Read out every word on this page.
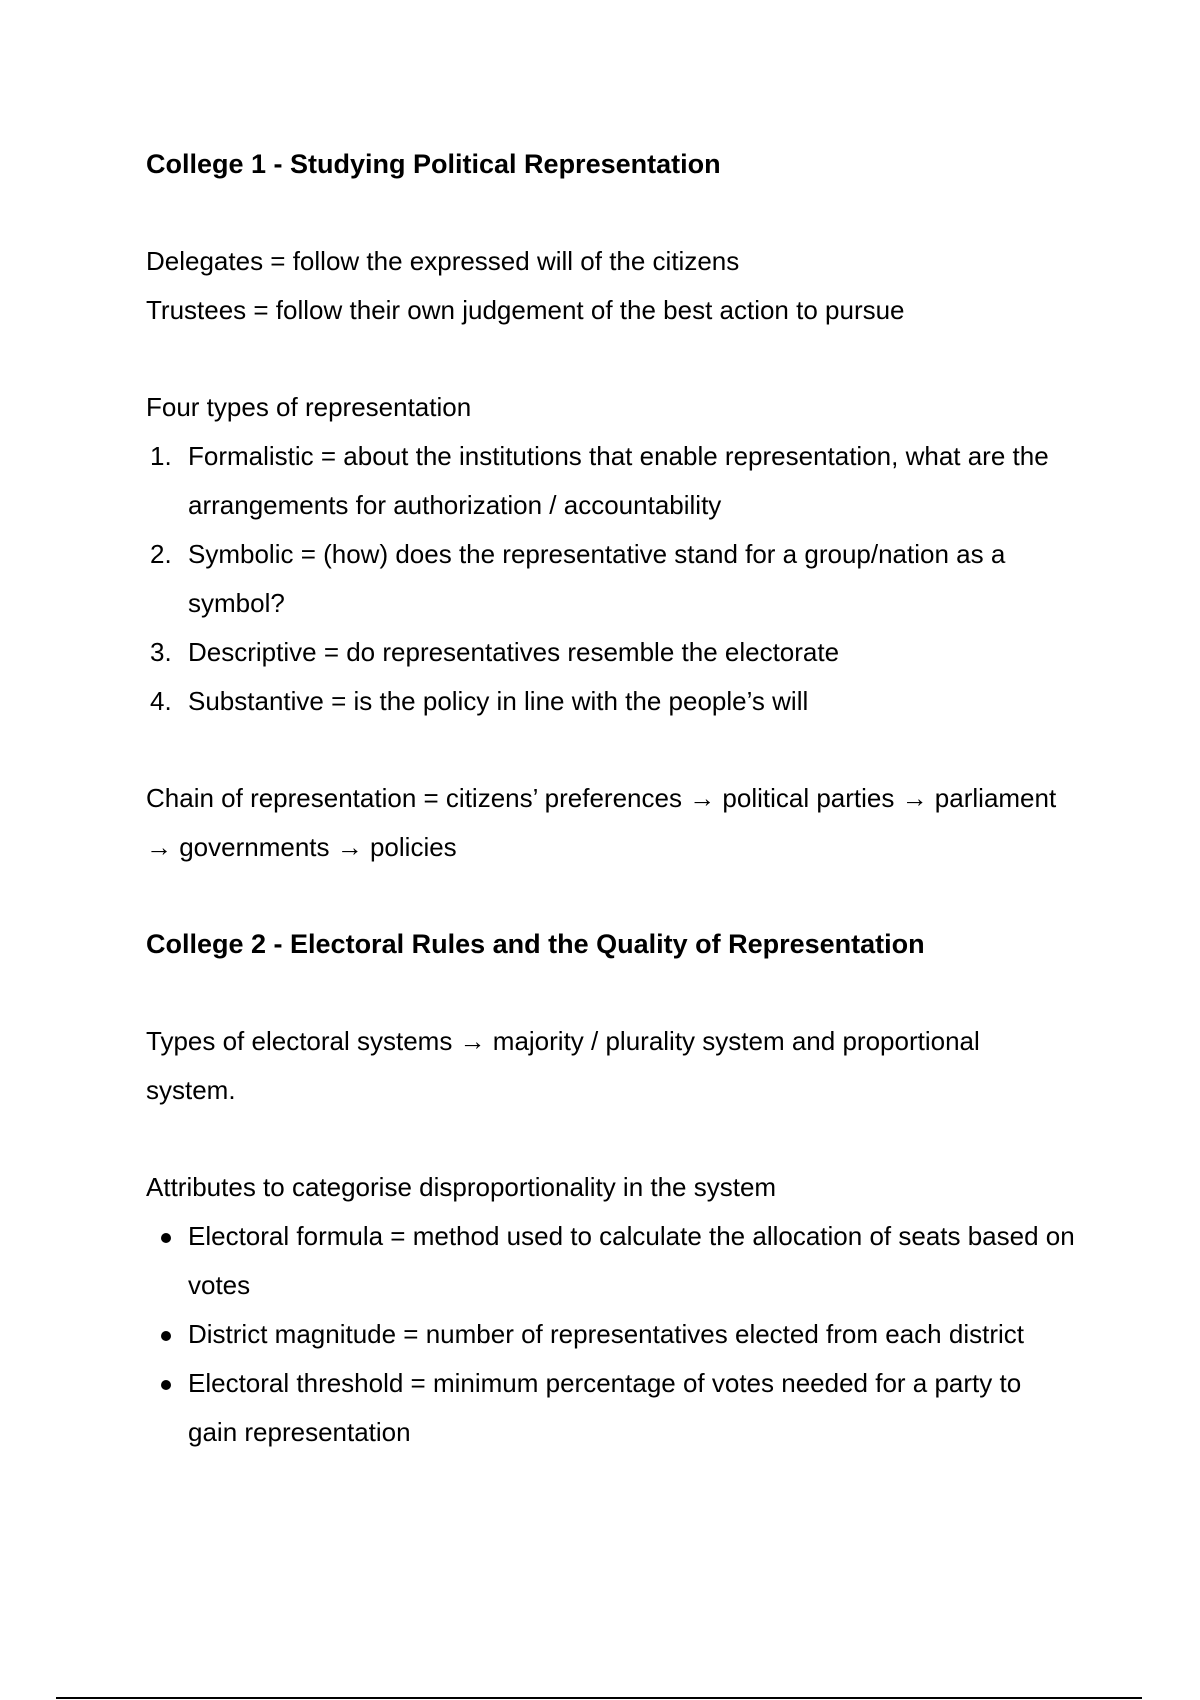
College 1 - Studying Political Representation

Delegates = follow the expressed will of the citizens

Trustees = follow their own judgement of the best action to pursue

Four types of representation

1. Formalistic = about the institutions that enable representation, what are the arrangements for authorization / accountability
2. Symbolic = (how) does the representative stand for a group/nation as a symbol?
3. Descriptive = do representatives resemble the electorate
4. Substantive = is the policy in line with the people’s will

Chain of representation = citizens’ preferences → political parties → parliament → governments → policies

College 2 - Electoral Rules and the Quality of Representation

Types of electoral systems → majority / plurality system and proportional system.

Attributes to categorise disproportionality in the system

Electoral formula = method used to calculate the allocation of seats based on votes
District magnitude = number of representatives elected from each district
Electoral threshold = minimum percentage of votes needed for a party to gain representation
